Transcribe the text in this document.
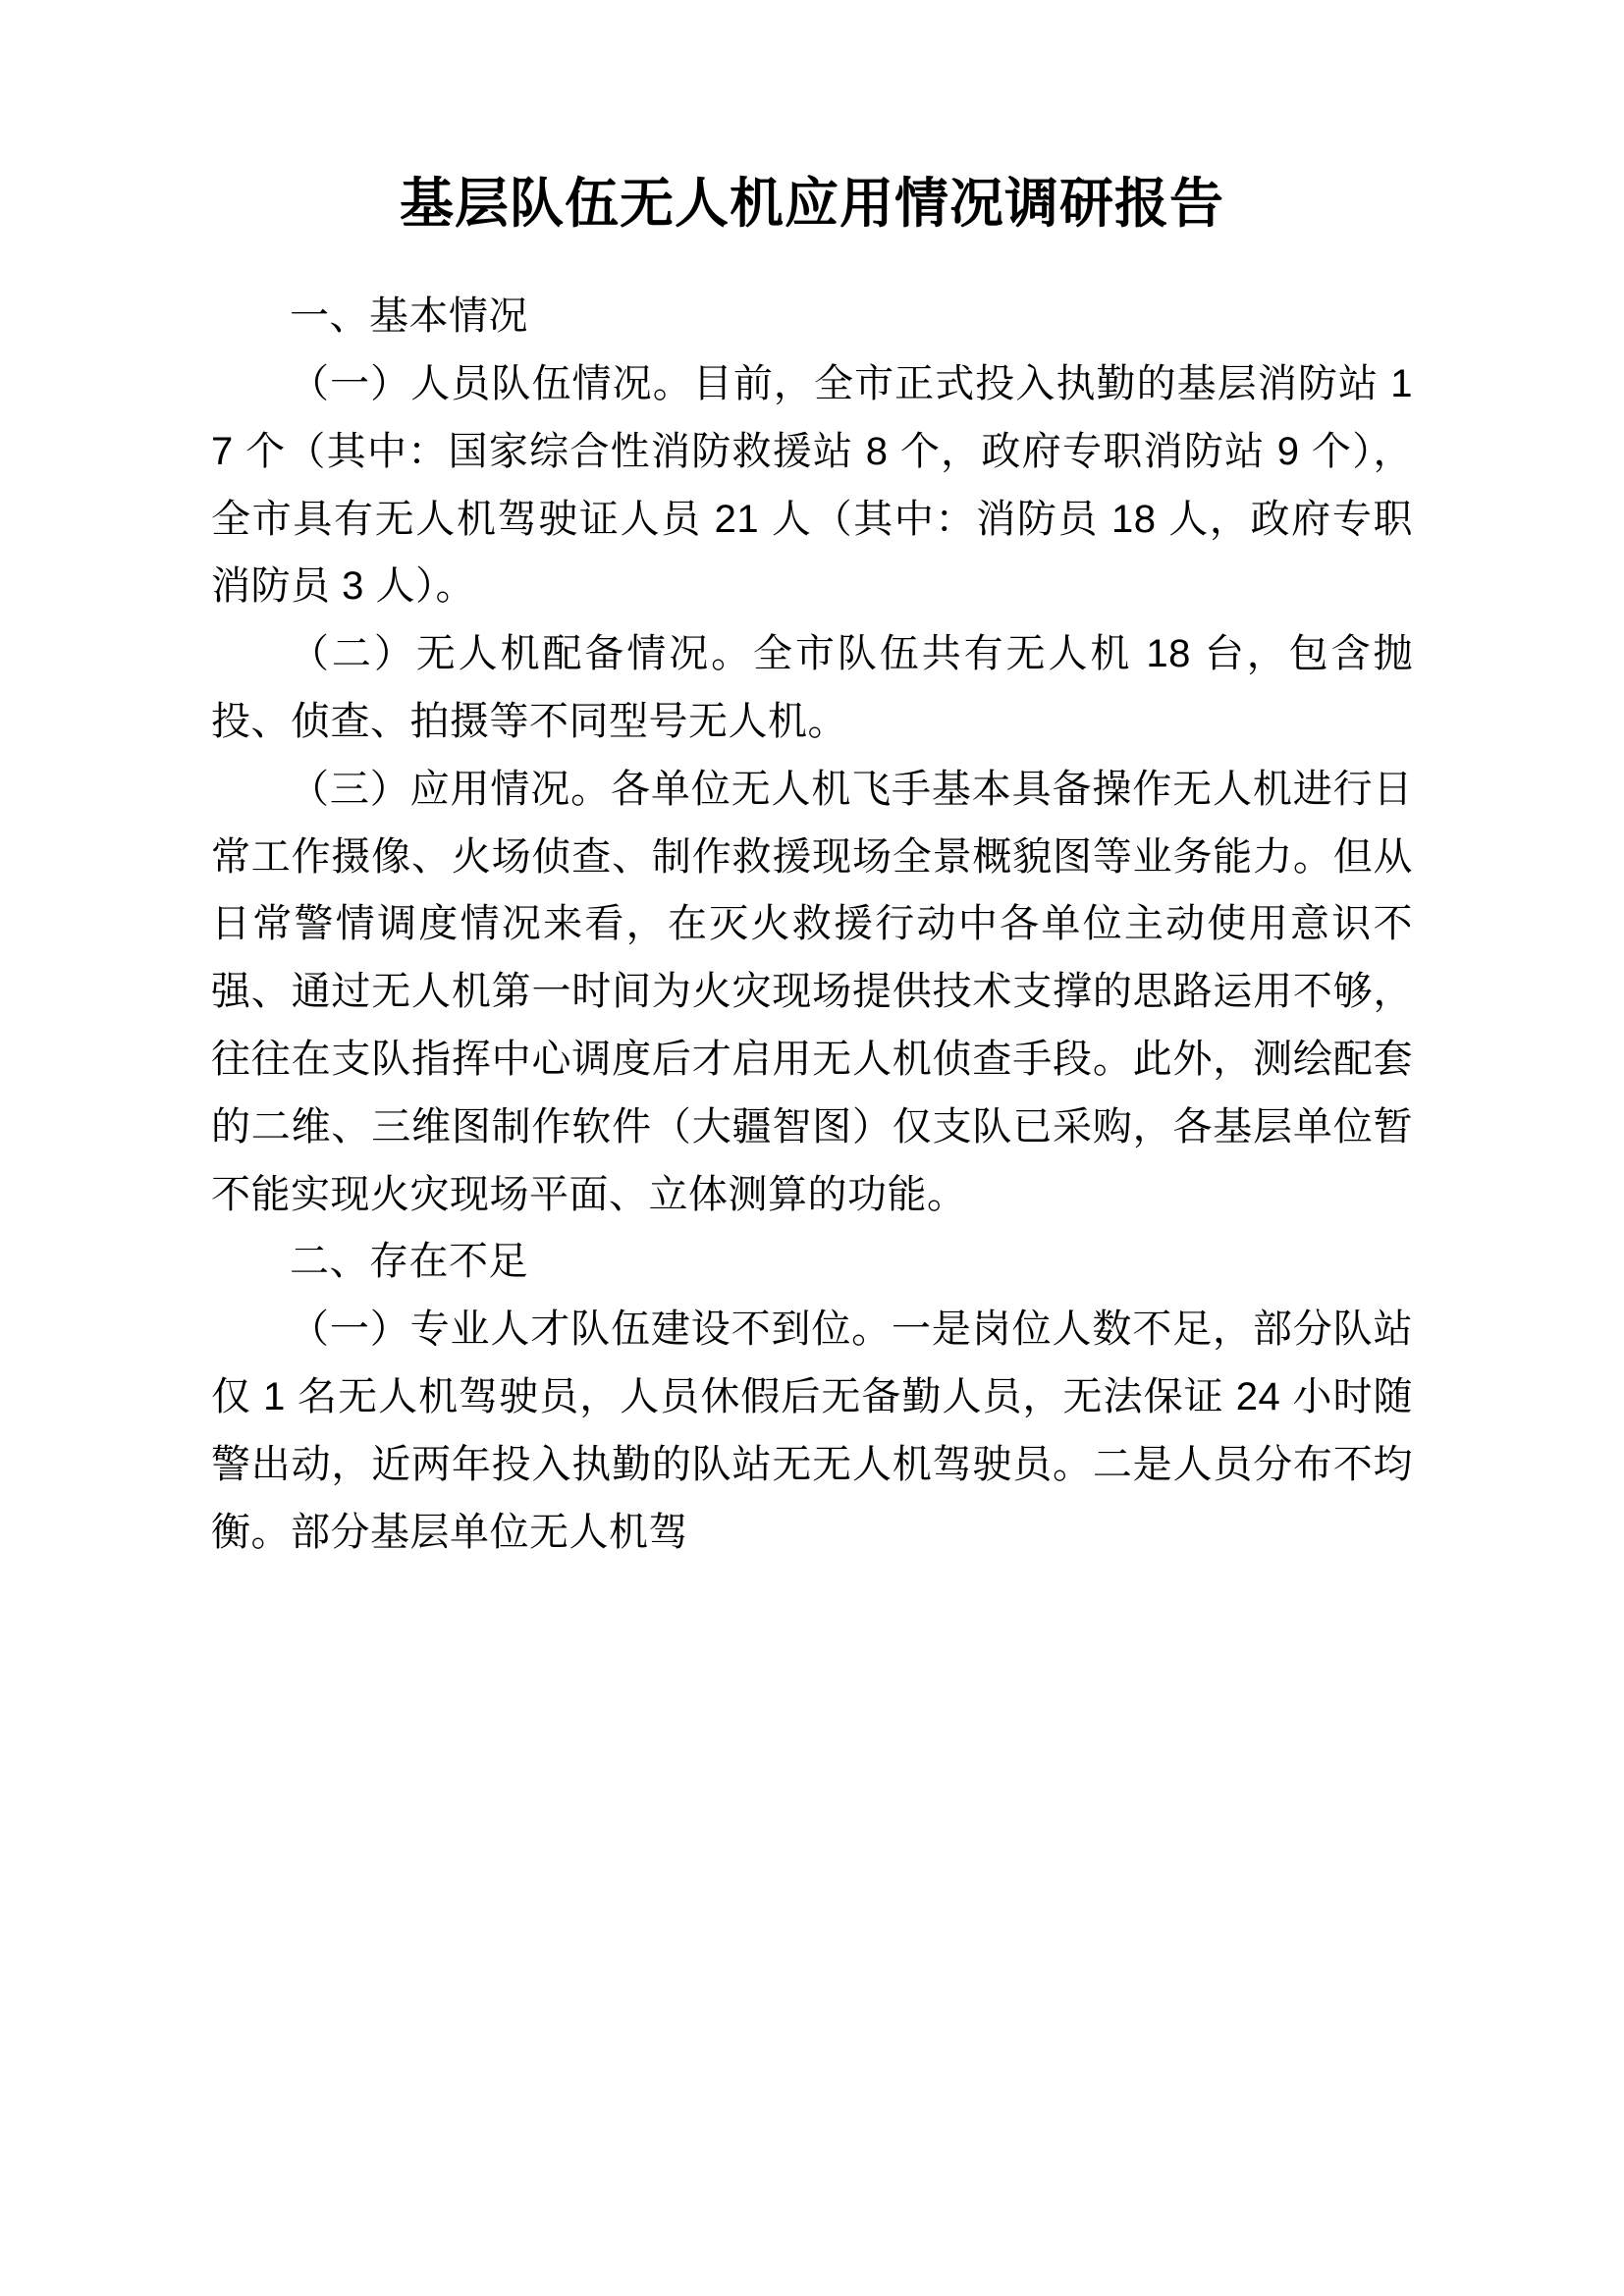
基层队伍无人机应用情况调研报告

一、基本情况

（一）人员队伍情况。目前，全市正式投入执勤的基层消防站 17 个（其中：国家综合性消防救援站 8 个，政府专职消防站 9 个），全市具有无人机驾驶证人员 21 人（其中：消防员 18 人，政府专职消防员 3 人）。

（二）无人机配备情况。全市队伍共有无人机 18 台，包含抛投、侦查、拍摄等不同型号无人机。

（三）应用情况。各单位无人机飞手基本具备操作无人机进行日常工作摄像、火场侦查、制作救援现场全景概貌图等业务能力。但从日常警情调度情况来看，在灭火救援行动中各单位主动使用意识不强、通过无人机第一时间为火灾现场提供技术支撑的思路运用不够，往往在支队指挥中心调度后才启用无人机侦查手段。此外，测绘配套的二维、三维图制作软件（大疆智图）仅支队已采购，各基层单位暂不能实现火灾现场平面、立体测算的功能。

二、存在不足

（一）专业人才队伍建设不到位。一是岗位人数不足，部分队站仅 1 名无人机驾驶员，人员休假后无备勤人员，无法保证 24 小时随警出动，近两年投入执勤的队站无无人机驾驶员。二是人员分布不均衡。部分基层单位无人机驾
